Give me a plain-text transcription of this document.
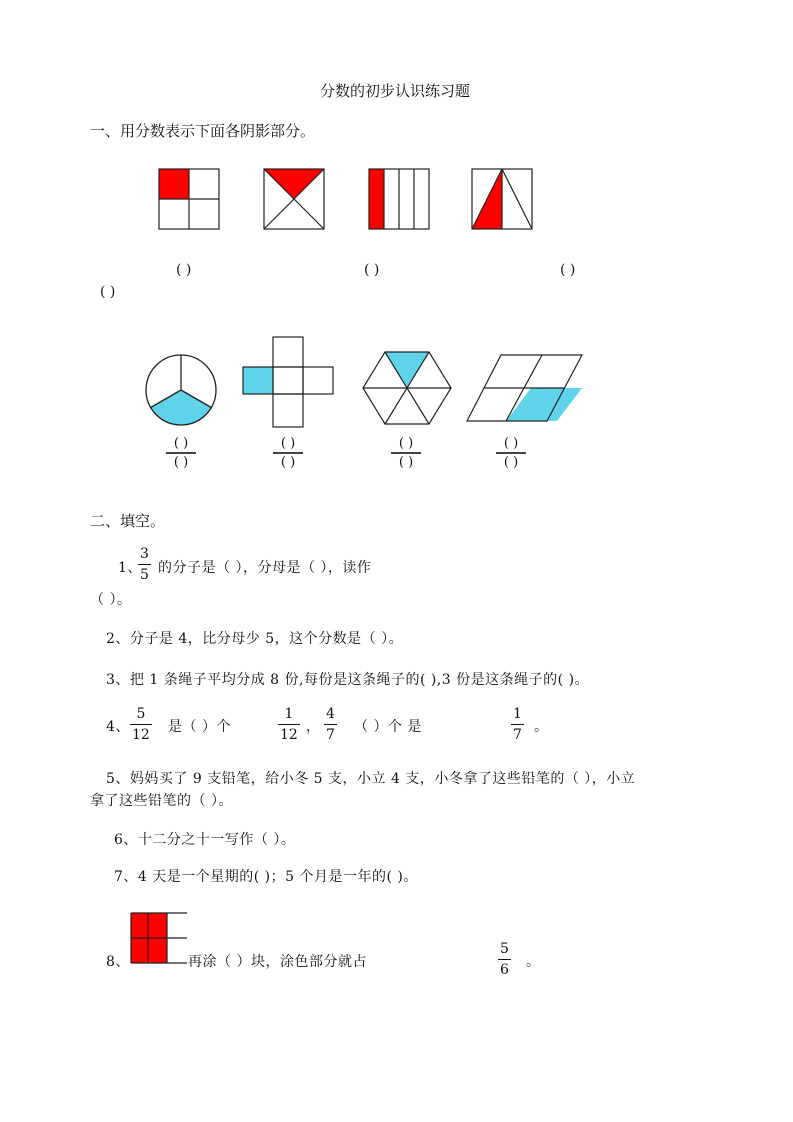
分数的初步认识练习题
一、用分数表示下面各阴影部分。
( )	( )	( )
( )
( )
( )
( )
( )
( )
( )
( )
( )
二、填空。
1、
3
5 的分子是（ ），分母是（ ），读作
（ ）。
2、分子是 4，比分母少 5，这个分数是（ ）。
3、把 1 条绳子平均分成 8 份,每份是这条绳子的( ),3 份是这条绳子的( )。
4、
5
12 是（ ）个
1
12 ，
4
7 （ ）个 是
1
7 。
5、妈妈买了 9 支铅笔，给小冬 5 支，小立 4 支，小冬拿了这些铅笔的（ ），小立
拿了这些铅笔的（ ）。
6、十二分之十一写作（ ）。
7、4 天是一个星期的( )；5 个月是一年的( )。
8、	再涂（ ）块，涂色部分就占
5
6 。
